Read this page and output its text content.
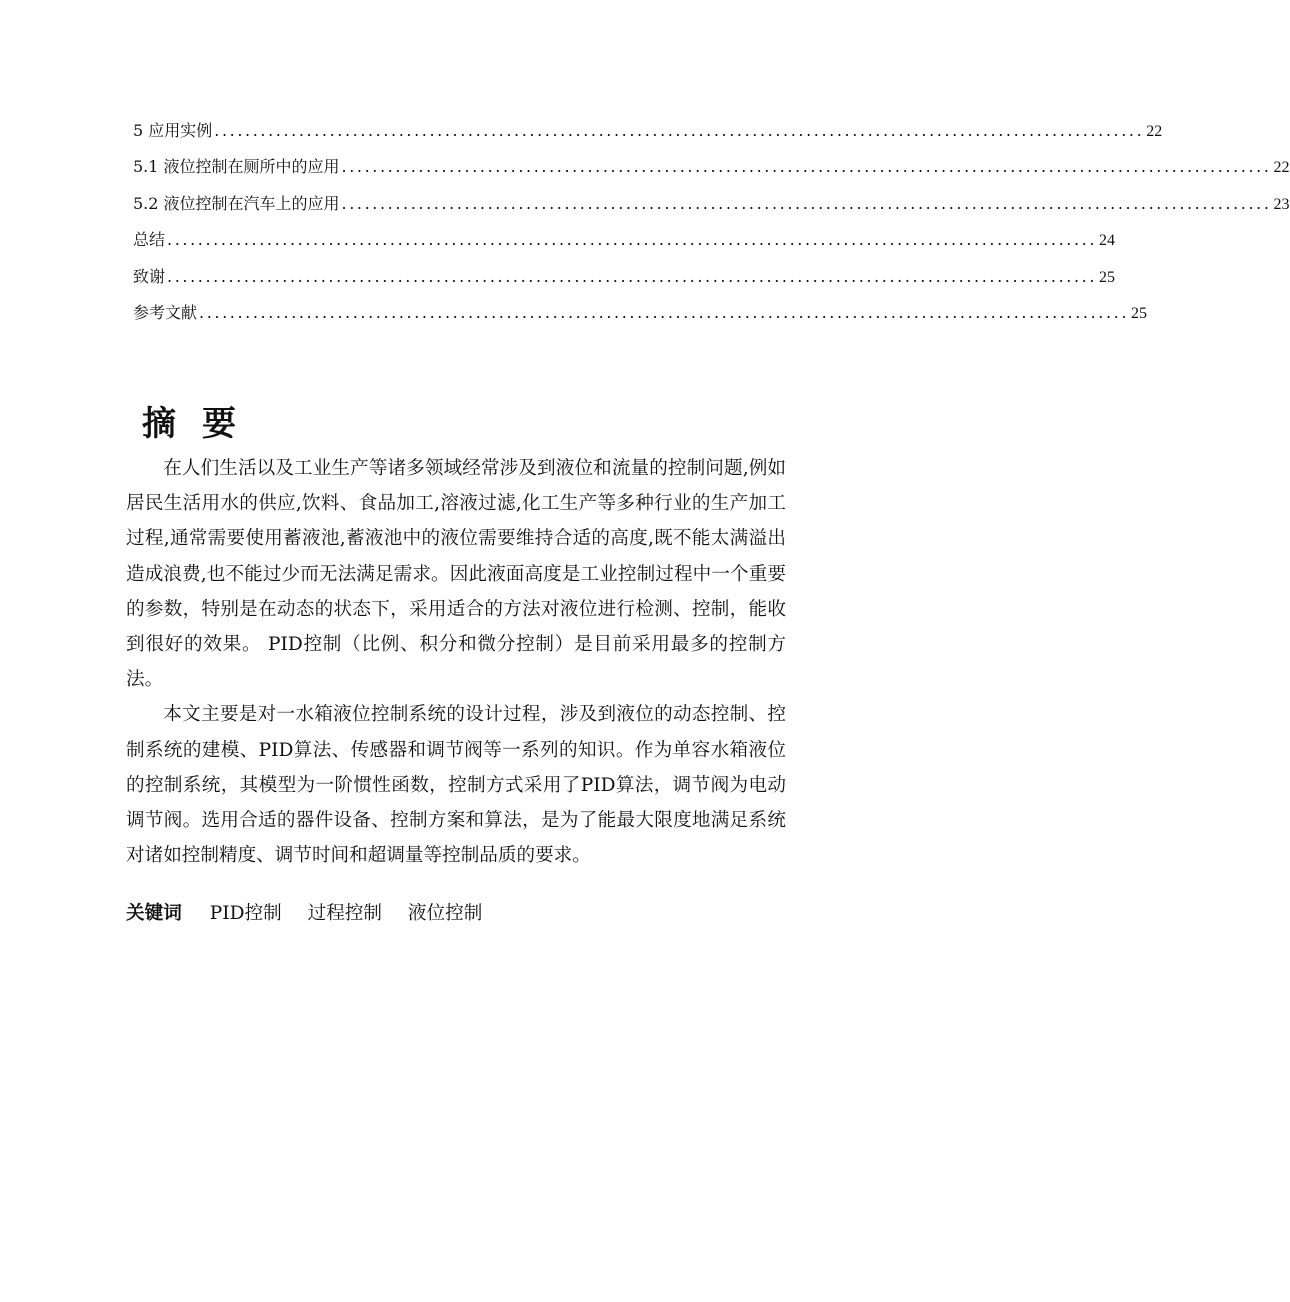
5 应用实例 ......................................................................................................................... 22
5.1 液位控制在厕所中的应用 ......................................................................................................................... 22
5.2 液位控制在汽车上的应用 ......................................................................................................................... 23
总结 ......................................................................................................................... 24
致谢 ......................................................................................................................... 25
参考文献 ......................................................................................................................... 25
摘要

在人们生活以及工业生产等诸多领域经常涉及到液位和流量的控制问题,例如居民生活用水的供应,饮料、食品加工,溶液过滤,化工生产等多种行业的生产加工过程,通常需要使用蓄液池,蓄液池中的液位需要维持合适的高度,既不能太满溢出造成浪费,也不能过少而无法满足需求。因此液面高度是工业控制过程中一个重要的参数，特别是在动态的状态下，采用适合的方法对液位进行检测、控制，能收到很好的效果。 PID控制（比例、积分和微分控制）是目前采用最多的控制方法。

本文主要是对一水箱液位控制系统的设计过程，涉及到液位的动态控制、控制系统的建模、PID算法、传感器和调节阀等一系列的知识。作为单容水箱液位的控制系统，其模型为一阶惯性函数，控制方式采用了PID算法，调节阀为电动调节阀。选用合适的器件设备、控制方案和算法，是为了能最大限度地满足系统对诸如控制精度、调节时间和超调量等控制品质的要求。

关键词 PID控制 过程控制 液位控制
